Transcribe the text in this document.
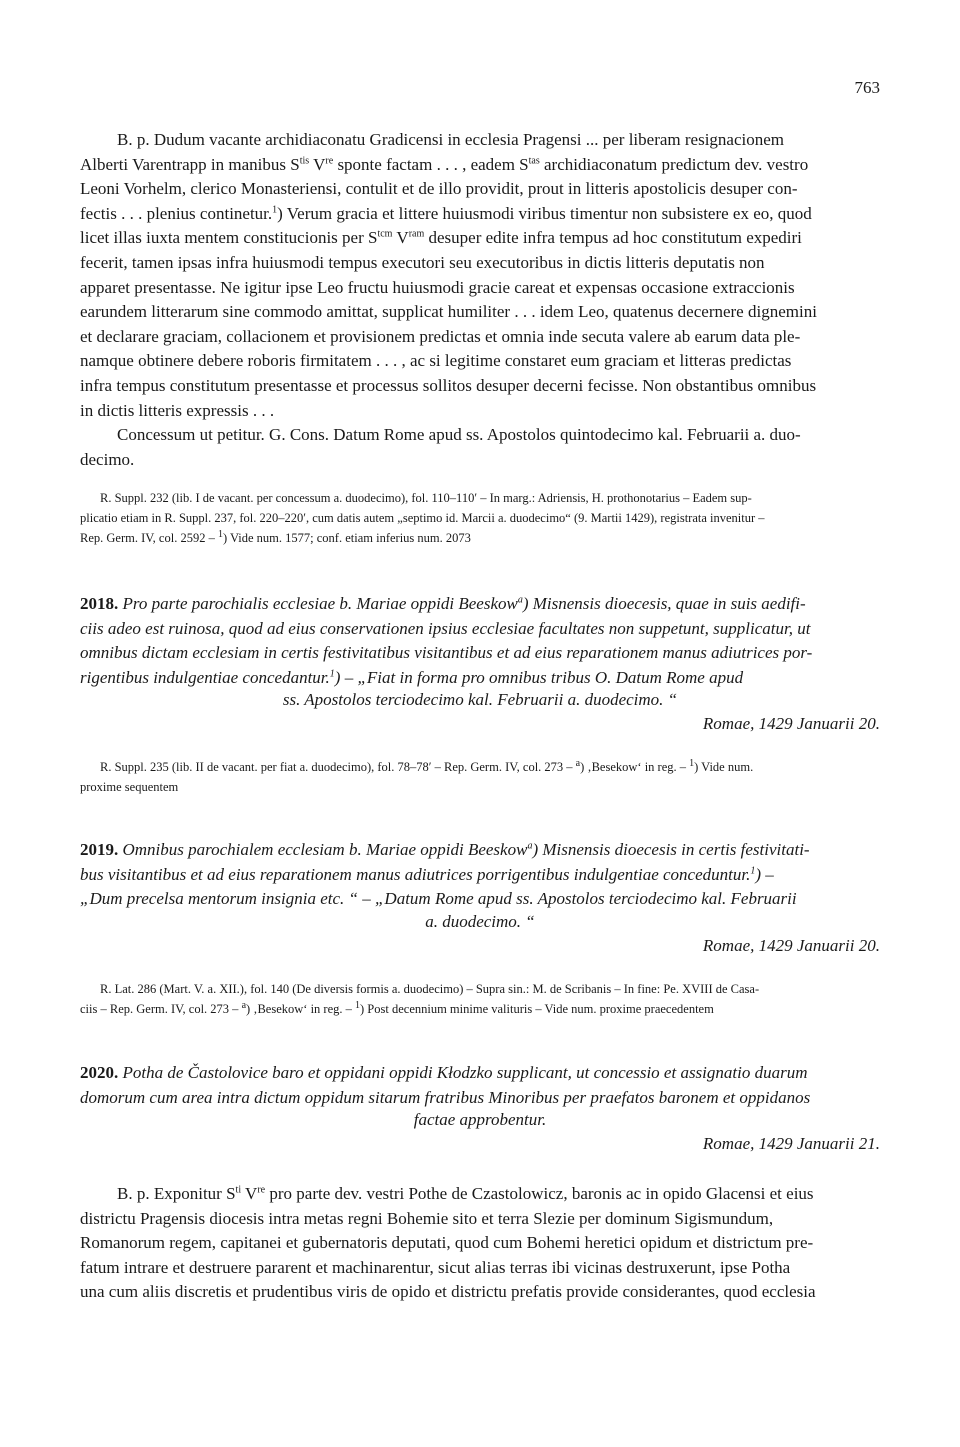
763
B. p. Dudum vacante archidiaconatu Gradicensi in ecclesia Pragensi ... per liberam resignacionem
Alberti Varentrapp in manibus $S^{tis}$ Vre sponte factam . . . , eadem $S^{tas}$ archidiaconatum predictum dev. vestro
Leoni Vorhelm, clerico Monasteriensi, contulit et de illo providit, prout in litteris apostolicis desuper con-
fectis . . . plenius continetur.$^1$) Verum gracia et littere huiusmodi viribus timentur non subsistere ex eo, quod
licet illas iuxta mentem constitucionis per $S^{tcm}$ $V^{ram}$ desuper edite infra tempus ad hoc constitutum expediri
fecerit, tamen ipsas infra huiusmodi tempus executori seu executoribus in dictis litteris deputatis non
apparet presentasse. Ne igitur ipse Leo fructu huiusmodi gracie careat et expensas occasione extraccionis
earundem litterarum sine commodo amittat, supplicat humiliter . . . idem Leo, quatenus decernere dignemini
et declarare graciam, collacionem et provisionem predictas et omnia inde secuta valere ab earum data ple-
namque obtinere debere roboris firmitatem . . . , ac si legitime constaret eum graciam et litteras predictas
infra tempus constitutum presentasse et processus sollitos desuper decerni fecisse. Non obstantibus omnibus
in dictis litteris expressis . . .
Concessum ut petitur. G. Cons. Datum Rome apud ss. Apostolos quintodecimo kal. Februarii a. duo-
decimo.
R. Suppl. 232 (lib. I de vacant. per concessum a. duodecimo), fol. 110–110′ – In marg.: Adriensis, H. prothonotarius – Eadem sup-
plicatio etiam in R. Suppl. 237, fol. 220–220′, cum datis autem „septimo id. Marcii a. duodecimo“ (9. Martii 1429), registrata invenitur –
Rep. Germ. IV, col. 2592 – $^1$) Vide num. 1577; conf. etiam inferius num. 2073
2018. Pro parte parochialis ecclesiae b. Mariae oppidi Beeskow$^a$) Misnensis dioecesis, quae in suis aedifi-
ciis adeo est ruinosa, quod ad eius conservationen ipsius ecclesiae facultates non suppetunt, supplicatur, ut
omnibus dictam ecclesiam in certis festivitatibus visitantibus et ad eius reparationem manus adiutrices por-
rigentibus indulgentiae concedantur.$^1$) – „Fiat in forma pro omnibus tribus O. Datum Rome apud
ss. Apostolos terciodecimo kal. Februarii a. duodecimo. “
Romae, 1429 Januarii 20.
R. Suppl. 235 (lib. II de vacant. per fiat a. duodecimo), fol. 78–78′ – Rep. Germ. IV, col. 273 – $^a$) ‚Besekow‘ in reg. – $^1$) Vide num.
proxime sequentem
2019. Omnibus parochialem ecclesiam b. Mariae oppidi Beeskow$^a$) Misnensis dioecesis in certis festivitati-
bus visitantibus et ad eius reparationem manus adiutrices porrigentibus indulgentiae conceduntur.$^1$) –
„Dum precelsa mentorum insignia etc. “ – „Datum Rome apud ss. Apostolos terciodecimo kal. Februarii
a. duodecimo. “
Romae, 1429 Januarii 20.
R. Lat. 286 (Mart. V. a. XII.), fol. 140 (De diversis formis a. duodecimo) – Supra sin.: M. de Scribanis – In fine: Pe. XVIII de Casa-
ciis – Rep. Germ. IV, col. 273 – $^a$) ‚Besekow‘ in reg. – $^1$) Post decennium minime valituris – Vide num. proxime praecedentem
2020. Potha de Častolovice baro et oppidani oppidi Kłodzko supplicant, ut concessio et assignatio duarum
domorum cum area intra dictum oppidum sitarum fratribus Minoribus per praefatos baronem et oppidanos
factae approbentur.
Romae, 1429 Januarii 21.
B. p. Exponitur $S^{ti}$ Vre pro parte dev. vestri Pothe de Czastolowicz, baronis ac in opido Glacensi et eius
districtu Pragensis diocesis intra metas regni Bohemie sito et terra Slezie per dominum Sigismundum,
Romanorum regem, capitanei et gubernatoris deputati, quod cum Bohemi heretici opidum et districtum pre-
fatum intrare et destruere pararent et machinarentur, sicut alias terras ibi vicinas destruxerunt, ipse Potha
una cum aliis discretis et prudentibus viris de opido et districtu prefatis provide considerantes, quod ecclesia
